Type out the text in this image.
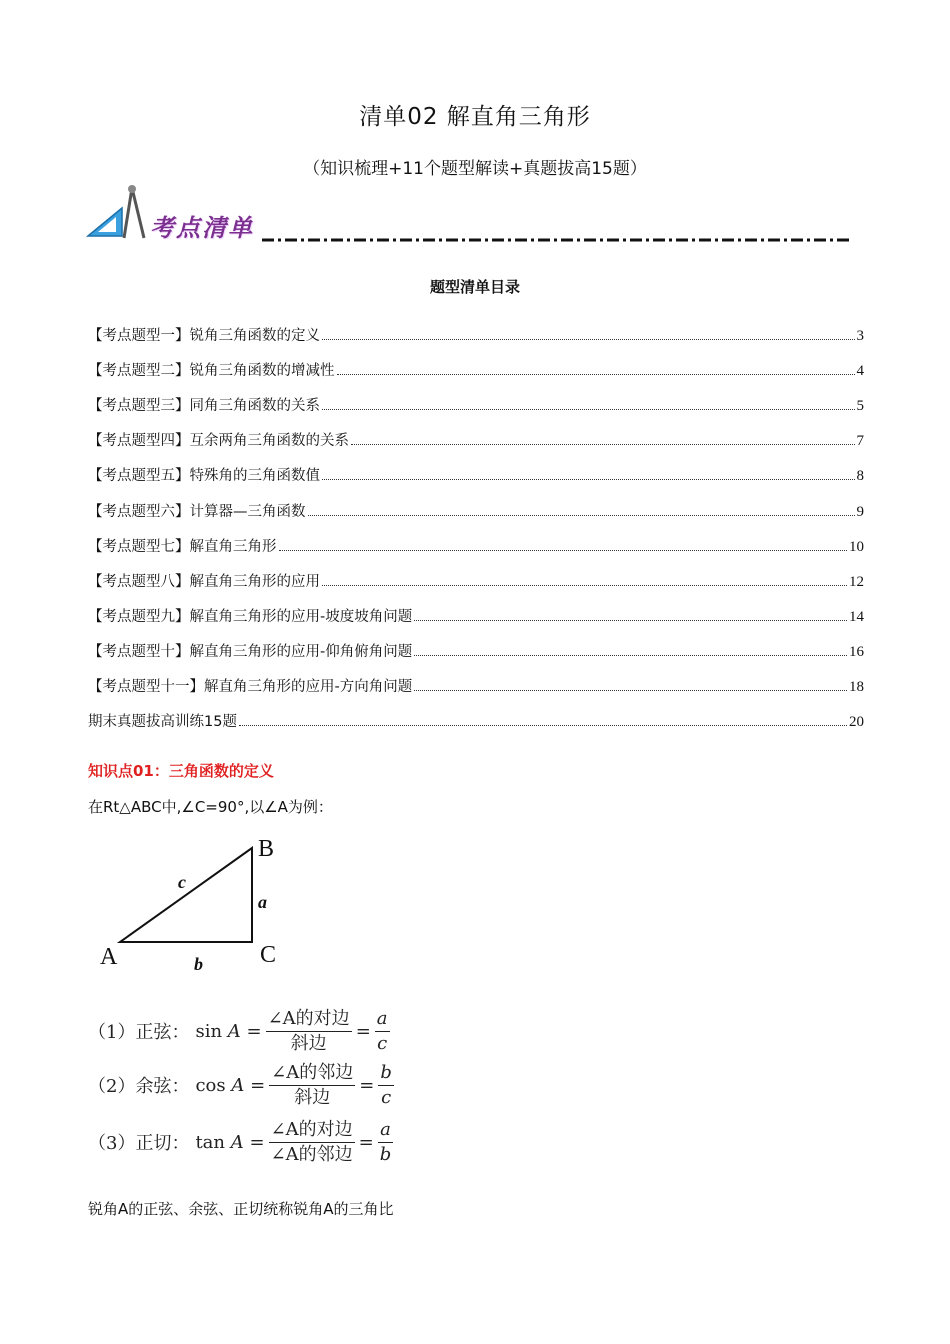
清单02 解直角三角形
（知识梳理+11个题型解读+真题拔高15题）
考点清单
题型清单目录
【考点题型一】锐角三角函数的定义	3
【考点题型二】锐角三角函数的增减性	4
【考点题型三】同角三角函数的关系	5
【考点题型四】互余两角三角函数的关系	7
【考点题型五】特殊角的三角函数值	8
【考点题型六】计算器—三角函数	9
【考点题型七】解直角三角形	10
【考点题型八】解直角三角形的应用	12
【考点题型九】解直角三角形的应用-坡度坡角问题	14
【考点题型十】解直角三角形的应用-仰角俯角问题	16
【考点题型十一】解直角三角形的应用-方向角问题	18
期末真题拔高训练15题	20
知识点01：三角函数的定义
在Rt△ABC中,∠C=90°,以∠A为例：
A
B
C
a
b
c
（1）正弦： sin
$A = \frac{\text{∠A的对边}}{\text{斜边}} = \frac{a}{c}$
（2）余弦： cos
$A = \frac{\text{∠A的邻边}}{\text{斜边}} = \frac{b}{c}$
（3）正切： tan
$A = \frac{\text{∠A的对边}}{\text{∠A的邻边}} = \frac{a}{b}$
锐角A的正弦、余弦、正切统称锐角A的三角比
